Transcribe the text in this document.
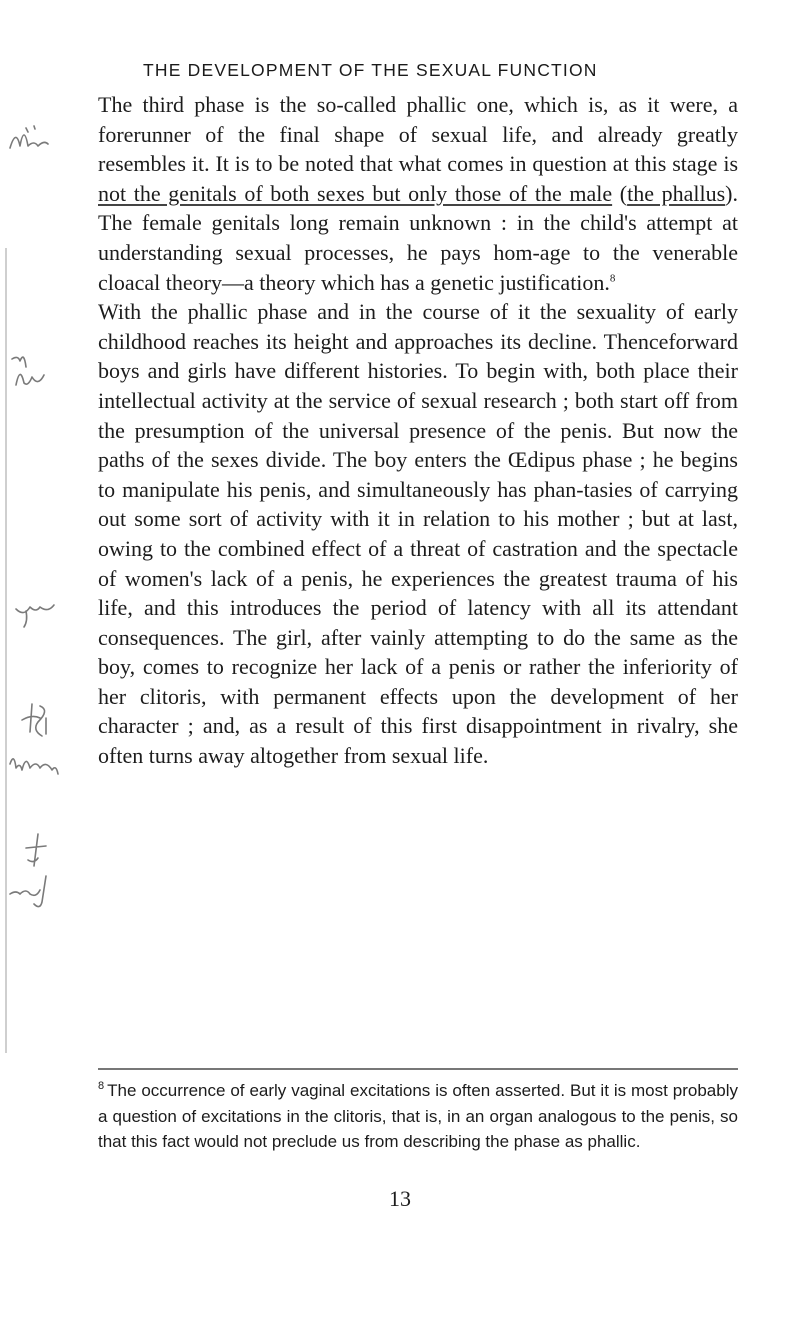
THE DEVELOPMENT OF THE SEXUAL FUNCTION

The third phase is the so-called phallic one, which is, as it were, a forerunner of the final shape of sexual life, and already greatly resembles it. It is to be noted that what comes in question at this stage is not the genitals of both sexes but only those of the male (the phallus). The female genitals long remain unknown : in the child's attempt at understanding sexual processes, he pays hom-age to the venerable cloacal theory—a theory which has a genetic justification.$^8$

With the phallic phase and in the course of it the sexuality of early childhood reaches its height and approaches its decline. Thenceforward boys and girls have different histories. To begin with, both place their intellectual activity at the service of sexual research ; both start off from the presumption of the universal presence of the penis. But now the paths of the sexes divide. The boy enters the Œdipus phase ; he begins to manipulate his penis, and simultaneously has phan-tasies of carrying out some sort of activity with it in relation to his mother ; but at last, owing to the combined effect of a threat of castration and the spectacle of women's lack of a penis, he experiences the greatest trauma of his life, and this introduces the period of latency with all its attendant consequences. The girl, after vainly attempting to do the same as the boy, comes to recognize her lack of a penis or rather the inferiority of her clitoris, with permanent effects upon the development of her character ; and, as a result of this first disappointment in rivalry, she often turns away altogether from sexual life.

$^8$ The occurrence of early vaginal excitations is often asserted. But it is most probably a question of excitations in the clitoris, that is, in an organ analogous to the penis, so that this fact would not preclude us from describing the phase as phallic.
13
